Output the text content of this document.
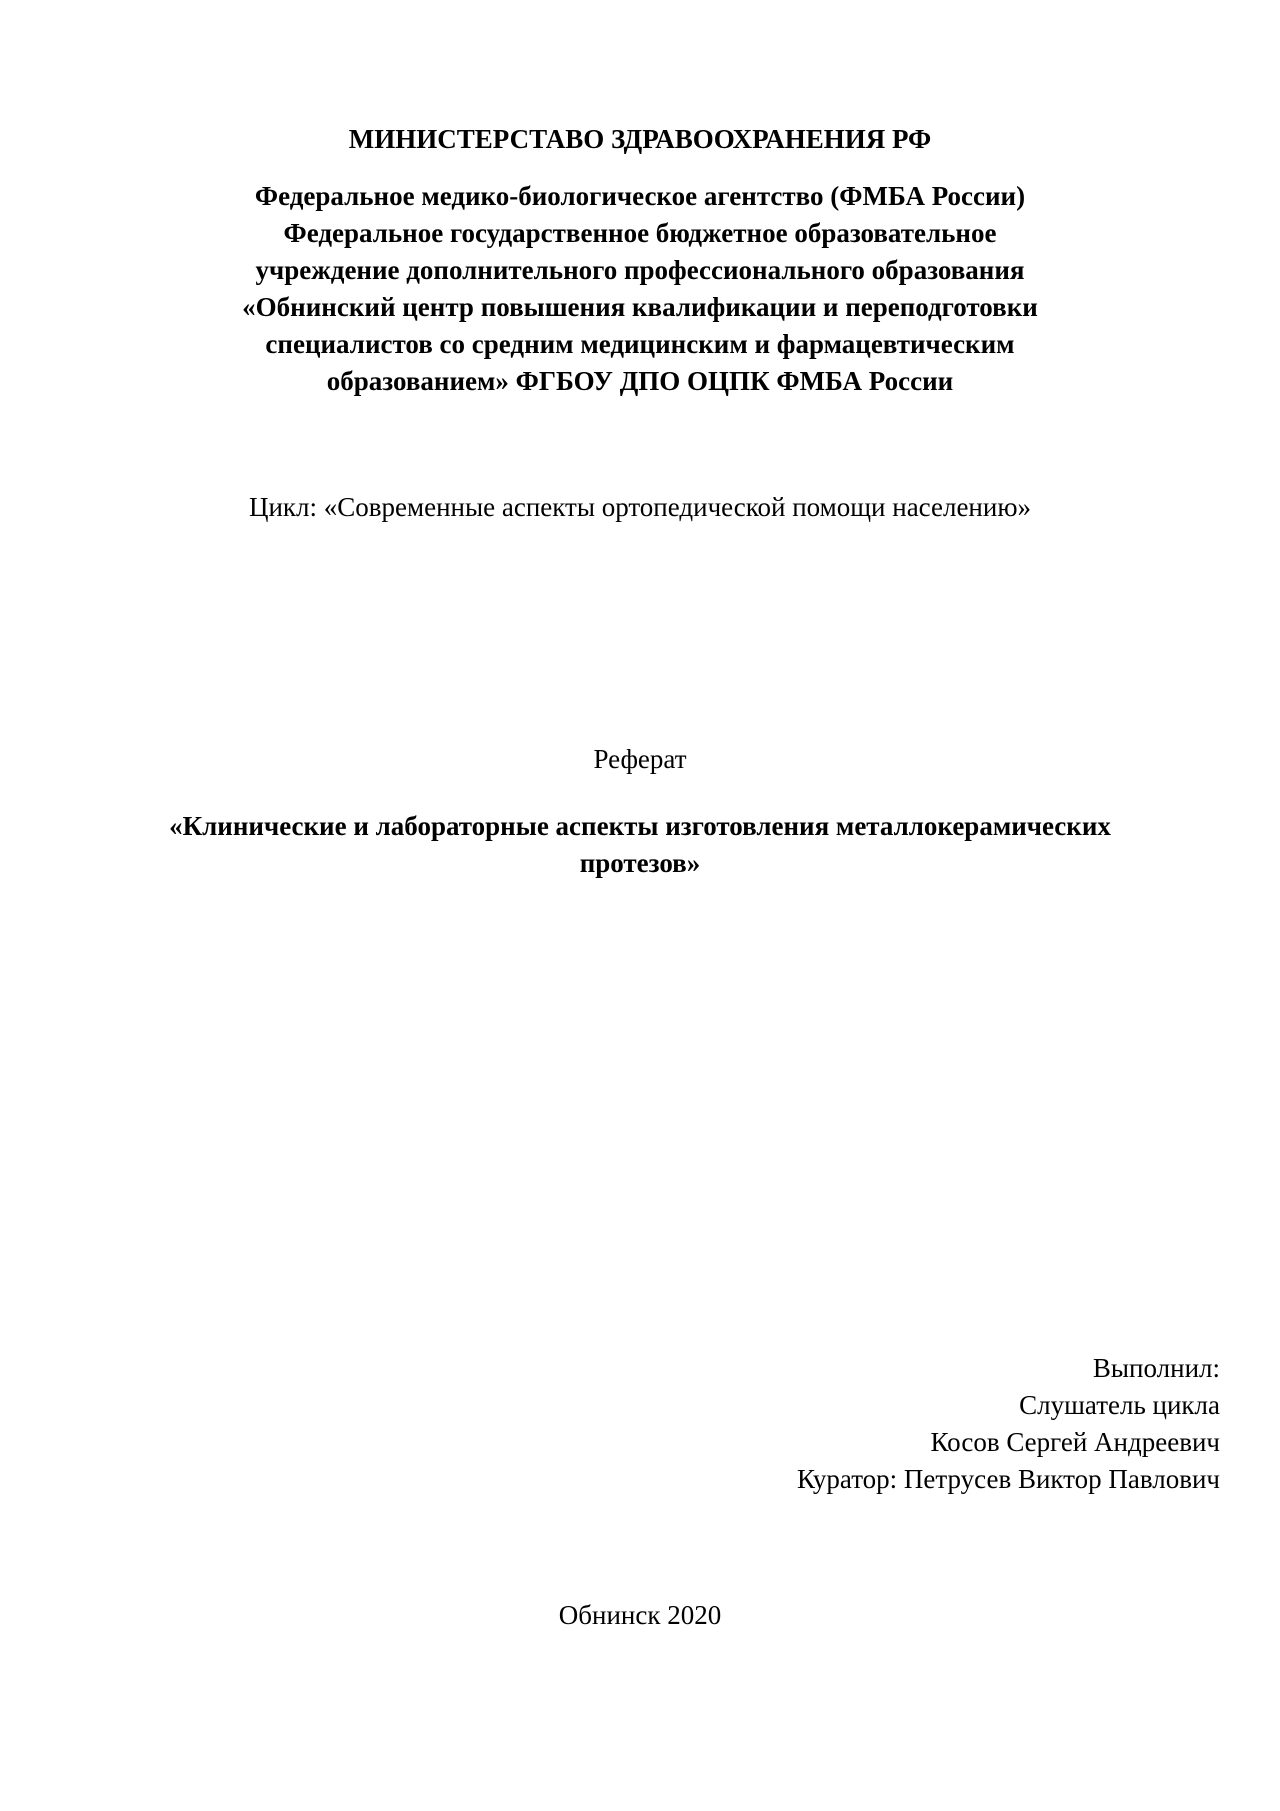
МИНИСТЕРСТАВО ЗДРАВООХРАНЕНИЯ РФ
Федеральное медико-биологическое агентство (ФМБА России)
Федеральное государственное бюджетное образовательное
учреждение дополнительного профессионального образования
«Обнинский центр повышения квалификации и переподготовки
специалистов со средним медицинским и фармацевтическим
образованием» ФГБОУ ДПО ОЦПК ФМБА России
Цикл: «Современные аспекты ортопедической помощи населению»
Реферат
«Клинические и лабораторные аспекты изготовления металлокерамических
протезов»
Выполнил:
Слушатель цикла
Косов Сергей Андреевич
Куратор: Петрусев Виктор Павлович
Обнинск 2020
